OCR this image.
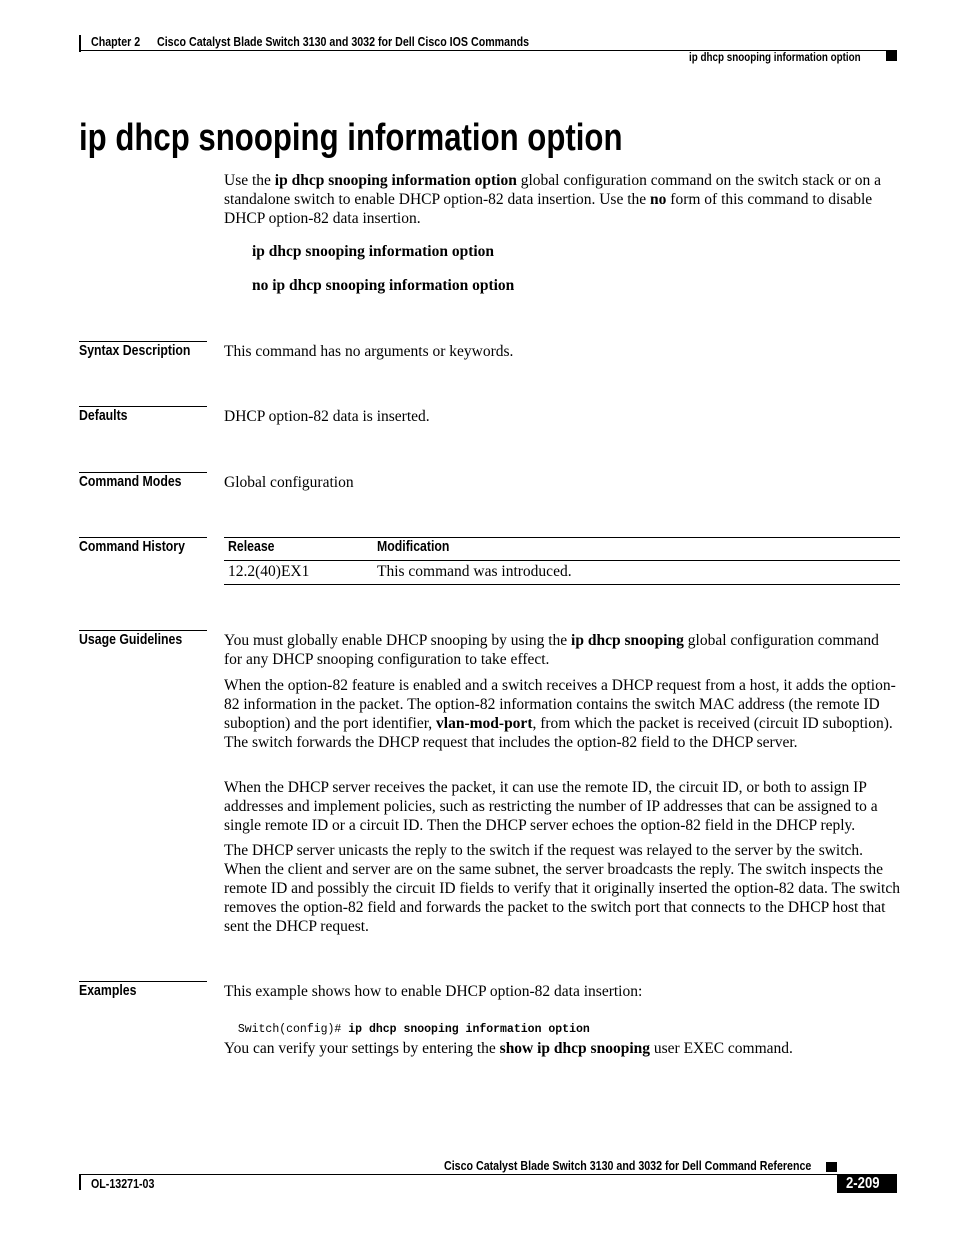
Chapter 2 Cisco Catalyst Blade Switch 3130 and 3032 for Dell Cisco IOS Commands
ip dhcp snooping information option
ip dhcp snooping information option
Use the ip dhcp snooping information option global configuration command on the switch stack or on a standalone switch to enable DHCP option-82 data insertion. Use the no form of this command to disable DHCP option-82 data insertion.
ip dhcp snooping information option
no ip dhcp snooping information option
Syntax Description This command has no arguments or keywords.
Defaults	DHCP option-82 data is inserted.
Command Modes	Global configuration
Command History	Release	Modification
12.2(40)EX1	This command was introduced.
Usage Guidelines	You must globally enable DHCP snooping by using the ip dhcp snooping global configuration command for any DHCP snooping configuration to take effect.
When the option-82 feature is enabled and a switch receives a DHCP request from a host, it adds the option-82 information in the packet. The option-82 information contains the switch MAC address (the remote ID suboption) and the port identifier, vlan-mod-port, from which the packet is received (circuit ID suboption). The switch forwards the DHCP request that includes the option-82 field to the DHCP server.
When the DHCP server receives the packet, it can use the remote ID, the circuit ID, or both to assign IP addresses and implement policies, such as restricting the number of IP addresses that can be assigned to a single remote ID or a circuit ID. Then the DHCP server echoes the option-82 field in the DHCP reply.
The DHCP server unicasts the reply to the switch if the request was relayed to the server by the switch. When the client and server are on the same subnet, the server broadcasts the reply. The switch inspects the remote ID and possibly the circuit ID fields to verify that it originally inserted the option-82 data. The switch removes the option-82 field and forwards the packet to the switch port that connects to the DHCP host that sent the DHCP request.
Examples	This example shows how to enable DHCP option-82 data insertion:

Switch(config)# ip dhcp snooping information option

You can verify your settings by entering the show ip dhcp snooping user EXEC command.
Cisco Catalyst Blade Switch 3130 and 3032 for Dell Command Reference
OL-13271-03	2-209
